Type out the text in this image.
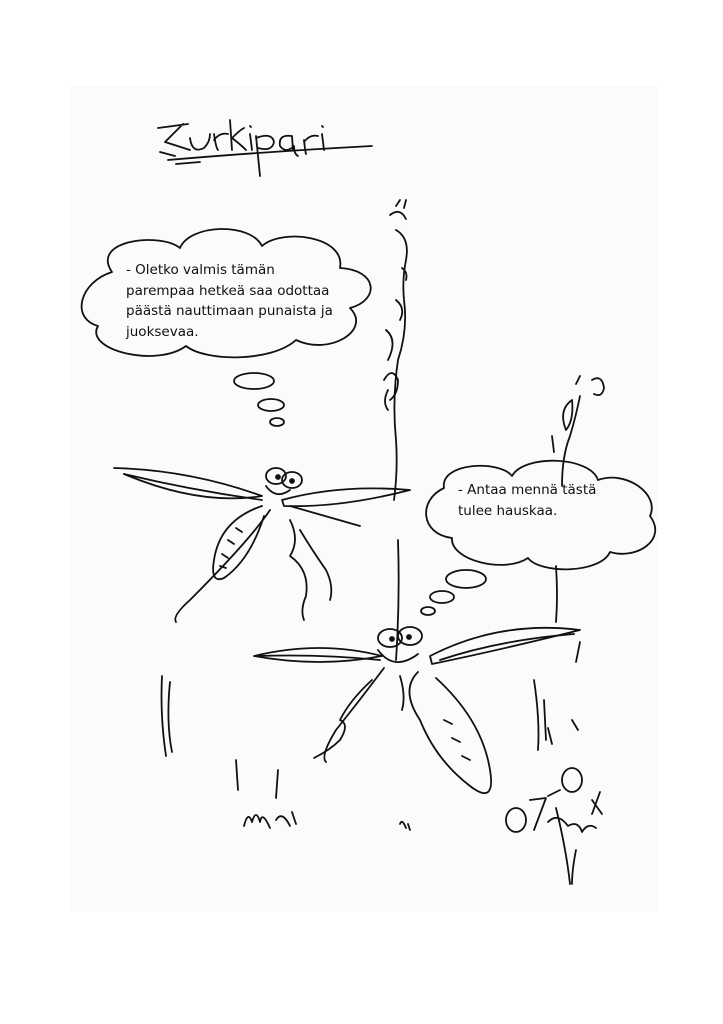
- Oletko valmis tämän parempaa hetkeä saa odottaa päästä nauttimaan punaista ja juoksevaa.
- Antaa mennä tästä tulee hauskaa.
